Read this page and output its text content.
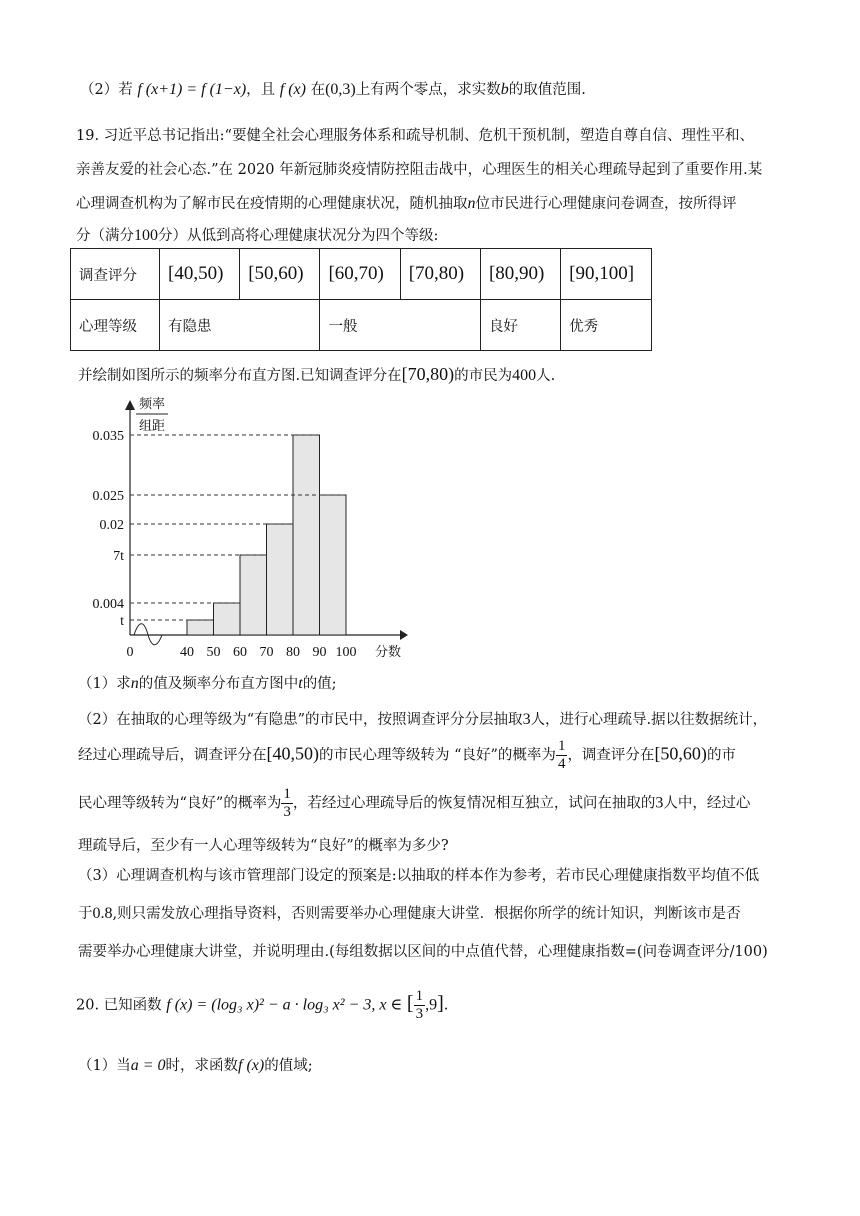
（2）若 f (x+1) = f (1−x)，且 f (x) 在(0,3)上有两个零点，求实数b的取值范围.
19. 习近平总书记指出:“要健全社会心理服务体系和疏导机制、危机干预机制，塑造自尊自信、理性平和、
亲善友爱的社会心态.”在 2020 年新冠肺炎疫情防控阻击战中，心理医生的相关心理疏导起到了重要作用.某
心理调查机构为了解市民在疫情期的心理健康状况，随机抽取n位市民进行心理健康问卷调查，按所得评
分（满分100分）从低到高将心理健康状况分为四个等级:
调查评分	[40,50)	[50,60)	[60,70)	[70,80)	[80,90)	[90,100]
心理等级	有隐患		一般		良好	优秀
并绘制如图所示的频率分布直方图.已知调查评分在[70,80)的市民为400人.
0.035
0.025
0.02
7t
0.004
t
频率
组距
40 50 60 70 80 90 100
0	分数
（1）求n的值及频率分布直方图中t的值;
（2）在抽取的心理等级为“有隐患”的市民中，按照调查评分分层抽取3人，进行心理疏导.据以往数据统计，
经过心理疏导后，调查评分在[40,50)的市民心理等级转为 “良好”的概率为 $\frac{1}{4}$ ，调查评分在[50,60)的市
民心理等级转为“良好”的概率为 $\frac{1}{3}$ ，若经过心理疏导后的恢复情况相互独立，试问在抽取的3人中，经过心
理疏导后，至少有一人心理等级转为“良好”的概率为多少?
（3）心理调查机构与该市管理部门设定的预案是:以抽取的样本作为参考，若市民心理健康指数平均值不低
于0.8,则只需发放心理指导资料，否则需要举办心理健康大讲堂．根据你所学的统计知识，判断该市是否
需要举办心理健康大讲堂，并说明理由.(每组数据以区间的中点值代替，心理健康指数=(问卷调查评分/100)
20. 已知函数 f (x) = (log₃ x)² − a · log₃ x² − 3, x ∈ [ $\frac{1}{3} ,9$].
（1）当a = 0时，求函数f (x)的值域;
